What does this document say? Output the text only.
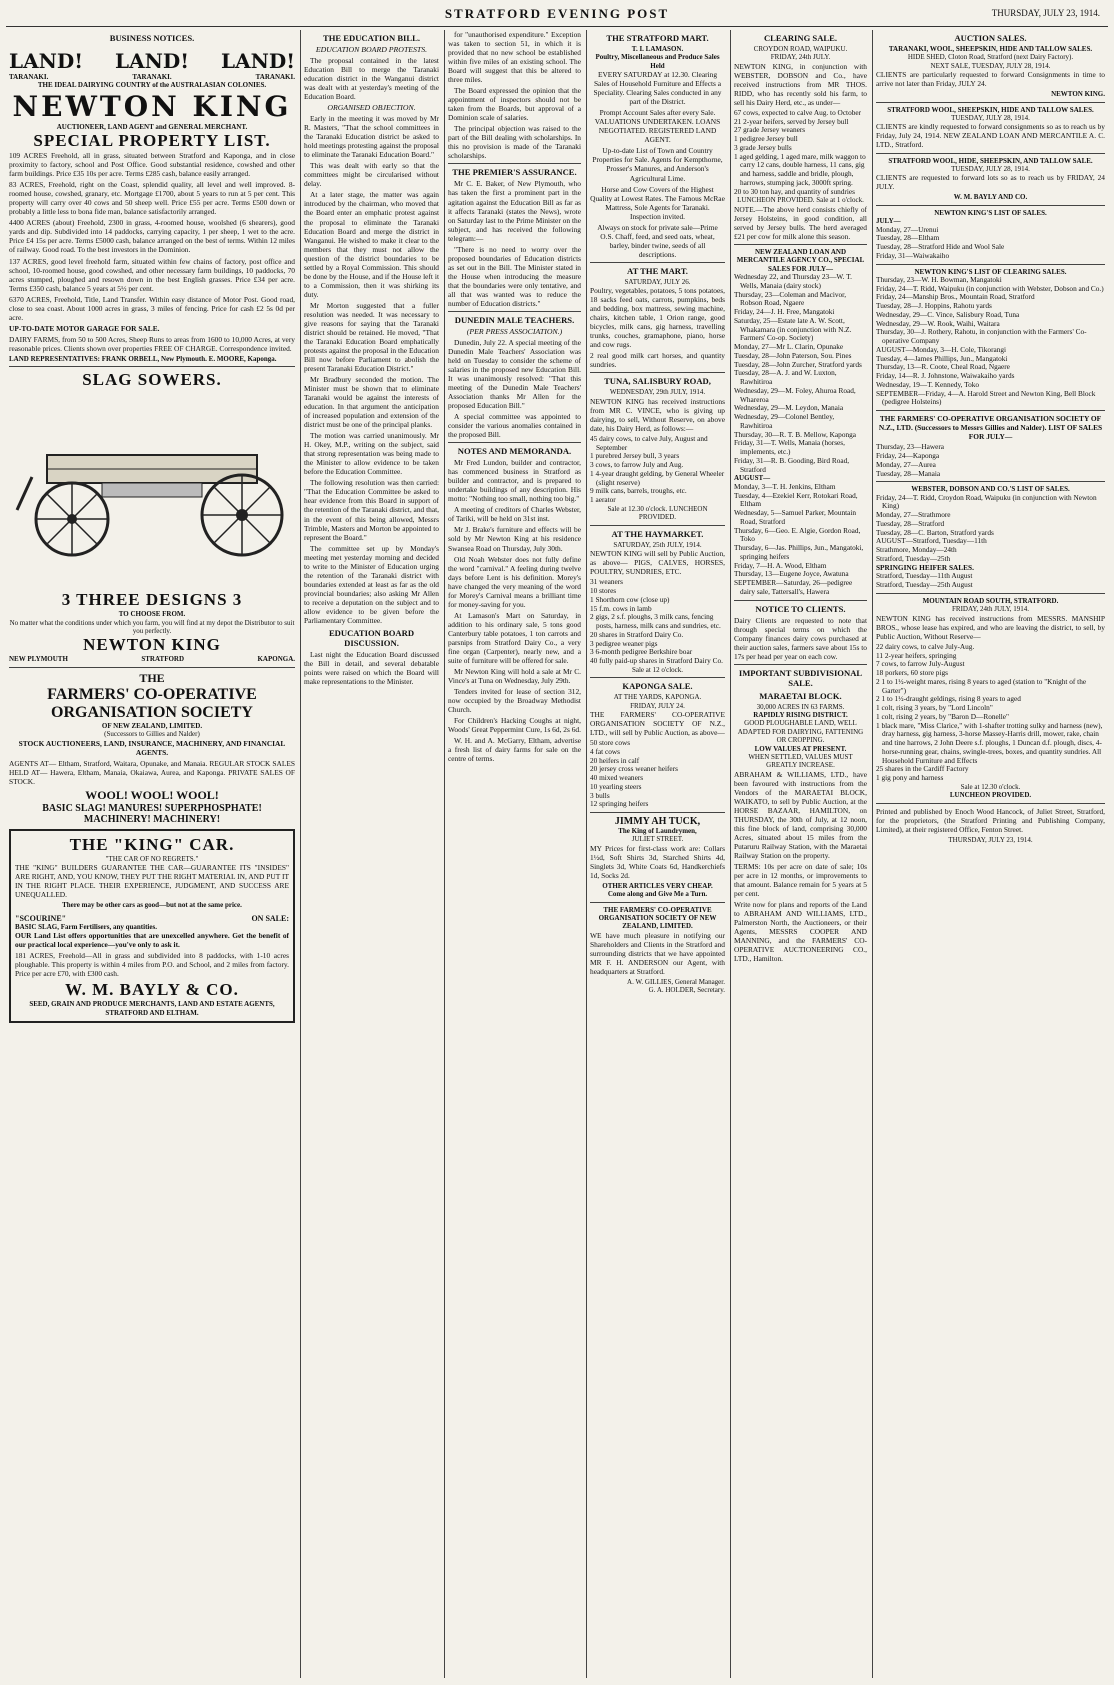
STRATFORD EVENING POST	THURSDAY, JULY 23, 1914.
BUSINESS NOTICES.
LAND! LAND! LAND!
TARANAKI.	TARANAKI.	TARANAKI.
THE IDEAL DAIRYING COUNTRY of the AUSTRALASIAN COLONIES.
NEWTON KING
AUCTIONEER, LAND AGENT and GENERAL MERCHANT.
SPECIAL PROPERTY LIST.

109 ACRES Freehold, all in grass, situated between Stratford and Kaponga, and in close proximity to factory, school and Post Office. Good substantial residence, cowshed and other farm buildings. Price £35 10s per acre. Terms £285 cash, balance easily arranged.

83 ACRES, Freehold, right on the Coast, splendid quality, all level and well improved. 8-roomed house, cowshed, granary, etc. Mortgage £1700, about 5 years to run at 5 per cent. This property will carry over 40 cows and 50 sheep well. Price £55 per acre. Terms £500 down or probably a little less to bona fide man, balance satisfactorily arranged.

4400 ACRES (about) Freehold, 2300 in grass, 4-roomed house, woolshed (6 shearers), good yards and dip. Subdivided into 14 paddocks, carrying capacity, 1 per sheep, 1 wet to the acre. Price £4 15s per acre. Terms £5000 cash, balance arranged on the best of terms. Within 12 miles of railway. Good road. To the best investors in the Dominion.

137 ACRES, good level freehold farm, situated within few chains of factory, post office and school, 10-roomed house, good cowshed, and other necessary farm buildings, 10 paddocks, 70 acres stumped, ploughed and resown down in the best English grasses. Price £34 per acre. Terms £350 cash, balance 5 years at 5½ per cent.

6370 ACRES, Freehold, Title, Land Transfer. Within easy distance of Motor Post. Good road, close to sea coast. About 1000 acres in grass, 3 miles of fencing. Price for cash £2 5s 0d per acre.

UP-TO-DATE MOTOR GARAGE FOR SALE.

DAIRY FARMS, from 50 to 500 Acres, Sheep Runs to areas from 1600 to 10,000 Acres, at very reasonable prices. Clients shown over properties FREE OF CHARGE. Correspondence invited.

LAND REPRESENTATIVES: FRANK ORBELL, New Plymouth. E. MOORE, Kaponga.
SLAG SOWERS.
3 THREE DESIGNS 3
TO CHOOSE FROM.
No matter what the conditions under which you farm, you will find at my depot the Distributor to suit you perfectly.
NEWTON KING
NEW PLYMOUTH	STRATFORD	KAPONGA.
THE
FARMERS' CO-OPERATIVE
ORGANISATION SOCIETY
OF NEW ZEALAND, LIMITED.
(Successors to Gillies and Nalder)

STOCK AUCTIONEERS, LAND, INSURANCE, MACHINERY, AND FINANCIAL AGENTS.

AGENTS AT— Eltham, Stratford, Waitara, Opunake, and Manaia. REGULAR STOCK SALES HELD AT— Hawera, Eltham, Manaia, Okaiawa, Aurea, and Kaponga. PRIVATE SALES OF STOCK.

WOOL! WOOL! WOOL!
BASIC SLAG! MANURES! SUPERPHOSPHATE!
MACHINERY! MACHINERY!
THE "KING" CAR.
"THE CAR OF NO REGRETS."

THE "KING" BUILDERS GUARANTEE THE CAR—GUARANTEE ITS "INSIDES" ARE RIGHT, AND, YOU KNOW, THEY PUT THE RIGHT MATERIAL IN, AND PUT IT IN THE RIGHT PLACE. THEIR EXPERIENCE, JUDGMENT, AND SUCCESS ARE UNEQUALLED.

There may be other cars as good—but not at the same price.
"SCOURINE"	ON SALE:
BASIC SLAG, Farm Fertilisers, any quantities.

OUR Land List offers opportunities that are unexcelled anywhere. Get the benefit of our practical local experience—you've only to ask it.

181 ACRES, Freehold—All in grass and subdivided into 8 paddocks, with 1-10 acres ploughable. This property is within 4 miles from P.O. and School, and 2 miles from factory. Price per acre £70, with £300 cash.

W. M. BAYLY & CO.
SEED, GRAIN AND PRODUCE MERCHANTS, LAND AND ESTATE AGENTS, STRATFORD AND ELTHAM.
THE EDUCATION BILL.
EDUCATION BOARD PROTESTS.

The proposal contained in the latest Education Bill to merge the Taranaki education district in the Wanganui district was dealt with at yesterday's meeting of the Education Board.

ORGANISED OBJECTION.

Early in the meeting it was moved by Mr R. Masters, "That the school committees in the Taranaki Education district be asked to hold meetings protesting against the proposal to eliminate the Taranaki Education Board."

This was dealt with early so that the committees might be circularised without delay.

At a later stage, the matter was again introduced by the chairman, who moved that the Board enter an emphatic protest against the proposal to eliminate the Taranaki Education Board and merge the district in Wanganui. He wished to make it clear to the members that they must not allow the question of the district boundaries to be settled by a Royal Commission. This should be done by the House, and if the House left it to a Commission, then it was shirking its duty.

Mr Morton suggested that a fuller resolution was needed. It was necessary to give reasons for saying that the Taranaki district should be retained. He moved, "That the Taranaki Education Board emphatically protests against the proposal in the Education Bill now before Parliament to abolish the present Taranaki Education District."

Mr Bradbury seconded the motion. The Minister must be shown that to eliminate Taranaki would be against the interests of education. In that argument the anticipation of increased population and extension of the district must be one of the principal planks.

The motion was carried unanimously. Mr H. Okey, M.P., writing on the subject, said that strong representation was being made to the Minister to allow evidence to be taken before the Education Committee.

The following resolution was then carried: "That the Education Committee be asked to hear evidence from this Board in support of the retention of the Taranaki district, and that, in the event of this being allowed, Messrs Trimble, Masters and Morton be appointed to represent the Board."

The committee set up by Monday's meeting met yesterday morning and decided to write to the Minister of Education urging the retention of the Taranaki district with boundaries extended at least as far as the old provincial boundaries; also asking Mr Allen to receive a deputation on the subject and to allow evidence to be given before the Parliamentary Committee.

EDUCATION BOARD DISCUSSION.

Last night the Education Board discussed the Bill in detail, and several debatable points were raised on which the Board will make representations to the Minister.

for "unauthorised expenditure." Exception was taken to section 51, in which it is provided that no new school be established within five miles of an existing school. The Board will suggest that this be altered to three miles.

The Board expressed the opinion that the appointment of inspectors should not be taken from the Boards, but approval of a Dominion scale of salaries.

The principal objection was raised to the part of the Bill dealing with scholarships. In this no provision is made of the Taranaki scholarships.

THE PREMIER'S ASSURANCE.

Mr C. E. Baker, of New Plymouth, who has taken the first a prominent part in the agitation against the Education Bill as far as it affects Taranaki (states the News), wrote on Saturday last to the Prime Minister on the subject, and has received the following telegram:—

"There is no need to worry over the proposed boundaries of Education districts as set out in the Bill. The Minister stated in the House when introducing the measure that the boundaries were only tentative, and all that was wanted was to reduce the number of Education districts."

DUNEDIN MALE TEACHERS.
(PER PRESS ASSOCIATION.)

Dunedin, July 22. A special meeting of the Dunedin Male Teachers' Association was held on Tuesday to consider the scheme of salaries in the proposed new Education Bill. It was unanimously resolved: "That this meeting of the Dunedin Male Teachers' Association thanks Mr Allen for the proposed Education Bill."

A special committee was appointed to consider the various anomalies contained in the proposed Bill.

NOTES AND MEMORANDA.

Mr Fred Lundon, builder and contractor, has commenced business in Stratford as builder and contractor, and is prepared to undertake buildings of any description. His motto: "Nothing too small, nothing too big."

A meeting of creditors of Charles Webster, of Tariki, will be held on 31st inst.

Mr J. Brake's furniture and effects will be sold by Mr Newton King at his residence Swansea Road on Thursday, July 30th.

Old Noah Webster does not fully define the word "carnival." A feeling during twelve days before Lent is his definition. Morey's have changed the very meaning of the word for Morey's Carnival means a brilliant time for money-saving for you.

At Lamason's Mart on Saturday, in addition to his ordinary sale, 5 tons good Canterbury table potatoes, 1 ton carrots and parsnips from Stratford Dairy Co., a very fine organ (Carpenter), nearly new, and a suite of furniture will be offered for sale.

Mr Newton King will hold a sale at Mr C. Vince's at Tuna on Wednesday, July 29th.

Tenders invited for lease of section 312, now occupied by the Broadway Methodist Church.

For Children's Hacking Coughs at night, Woods' Great Peppermint Cure, 1s 6d, 2s 6d.

W. H. and A. McGarry, Eltham, advertise a fresh list of dairy farms for sale on the centre of terms.

THE STRATFORD MART.
T. I. LAMASON.
Poultry, Miscellaneous and Produce Sales Held

EVERY SATURDAY at 12.30. Clearing Sales of Household Furniture and Effects a Speciality. Clearing Sales conducted in any part of the District.

Prompt Account Sales after every Sale. VALUATIONS UNDERTAKEN. LOANS NEGOTIATED. REGISTERED LAND AGENT.

Up-to-date List of Town and Country Properties for Sale. Agents for Kempthorne, Prosser's Manures, and Anderson's Agricultural Lime.

Horse and Cow Covers of the Highest Quality at Lowest Rates. The Famous McRae Mattress, Sole Agents for Taranaki. Inspection invited.

Always on stock for private sale—Prime O.S. Chaff, feed, and seed oats, wheat, barley, binder twine, seeds of all descriptions.

AT THE MART.
SATURDAY, JULY 26.

Poultry, vegetables, potatoes, 5 tons potatoes, 18 sacks feed oats, carrots, pumpkins, beds and bedding, box mattress, sewing machine, chairs, kitchen table, 1 Orion range, good bicycles, milk cans, gig harness, travelling trunks, couches, gramaphone, piano, horse and cow rugs.

2 real good milk cart horses, and quantity sundries.

TUNA, SALISBURY ROAD,
WEDNESDAY, 29th JULY, 1914.

NEWTON KING has received instructions from MR C. VINCE, who is giving up dairying, to sell, Without Reserve, on above date, his Dairy Herd, as follows:—

45 dairy cows, to calve July, August and September
1 purebred Jersey bull, 3 years
3 cows, to farrow July and Aug.
1 4-year draught gelding, by General Wheeler (slight reserve)
9 milk cans, barrels, troughs, etc.
1 aerator
Sale at 12.30 o'clock. LUNCHEON PROVIDED.
AT THE HAYMARKET.
SATURDAY, 25th JULY, 1914.

NEWTON KING will sell by Public Auction, as above— PIGS, CALVES, HORSES, POULTRY, SUNDRIES, ETC.

31 weaners
10 stores
1 Shorthorn cow (close up)
15 f.m. cows in lamb
2 gigs, 2 s.f. ploughs, 3 milk cans, fencing posts, harness, milk cans and sundries, etc.
20 shares in Stratford Dairy Co.
3 pedigree weaner pigs
3 6-month pedigree Berkshire boar
40 fully paid-up shares in Stratford Dairy Co.
Sale at 12 o'clock.
KAPONGA SALE.
AT THE YARDS, KAPONGA.
FRIDAY, JULY 24.

THE FARMERS' CO-OPERATIVE ORGANISATION SOCIETY OF N.Z., LTD., will sell by Public Auction, as above—

50 store cows
4 fat cows
20 heifers in calf
20 jersey cross weaner heifers
40 mixed weaners
10 yearling steers
3 bulls
12 springing heifers
JIMMY AH TUCK,
The King of Laundrymen,
JULIET STREET.

MY Prices for first-class work are: Collars 1½d, Soft Shirts 3d, Starched Shirts 4d, Singlets 3d, White Coats 6d, Handkerchiefs 1d, Socks 2d.

OTHER ARTICLES VERY CHEAP.
Come along and Give Me a Turn.
THE FARMERS' CO-OPERATIVE ORGANISATION SOCIETY OF NEW ZEALAND, LIMITED.

WE have much pleasure in notifying our Shareholders and Clients in the Stratford and surrounding districts that we have appointed MR F. H. ANDERSON our Agent, with headquarters at Stratford.

A. W. GILLIES, General Manager.
G. A. HOLDER, Secretary.
CLEARING SALE.
CROYDON ROAD, WAIPUKU.
FRIDAY, 24th JULY.

NEWTON KING, in conjunction with WEBSTER, DOBSON and Co., have received instructions from MR THOS. RIDD, who has recently sold his farm, to sell his Dairy Herd, etc., as under—

67 cows, expected to calve Aug. to October
21 2-year heifers, served by Jersey bull
27 grade Jersey weaners
1 pedigree Jersey bull
3 grade Jersey bulls
1 aged gelding, 1 aged mare, milk waggon to carry 12 cans, double harness, 11 cans, gig and harness, saddle and bridle, plough, harrows, stumping jack, 3000ft spring.
20 to 30 ton hay, and quantity of sundries
LUNCHEON PROVIDED. Sale at 1 o'clock.

NOTE.—The above herd consists chiefly of Jersey Holsteins, in good condition, all served by Jersey bulls. The herd averaged £21 per cow for milk alone this season.

NEW ZEALAND LOAN AND MERCANTILE AGENCY CO., SPECIAL SALES FOR JULY—
Wednesday 22, and Thursday 23—W. T. Wells, Manaia (dairy stock)
Thursday, 23—Coleman and Macivor, Robson Road, Ngaere
Friday, 24—J. H. Free, Mangatoki
Saturday, 25—Estate late A. W. Scott, Whakamara (in conjunction with N.Z. Farmers' Co-op. Society)
Monday, 27—Mr L. Clarin, Opunake
Tuesday, 28—John Paterson, Sou. Pines
Tuesday, 28—John Zurcher, Stratford yards
Tuesday, 28—A. J. and W. Luxton, Rawhitiroa
Wednesday, 29—M. Foley, Ahuroa Road, Whareroa
Wednesday, 29—M. Leydon, Manaia
Wednesday, 29—Colonel Bentley, Rawhitiroa
Thursday, 30—R. T. B. Mellow, Kaponga
Friday, 31—T. Wells, Manaia (horses, implements, etc.)
Friday, 31—R. B. Gooding, Bird Road, Stratford
AUGUST—
Monday, 3—T. H. Jenkins, Eltham
Tuesday, 4—Ezekiel Kerr, Rotokari Road, Eltham
Wednesday, 5—Samuel Parker, Mountain Road, Stratford
Thursday, 6—Geo. E. Algie, Gordon Road, Toko
Thursday, 6—Jas. Phillips, Jun., Mangatoki, springing heifers
Friday, 7—H. A. Wood, Eltham
Thursday, 13—Eugene Joyce, Awatuna
SEPTEMBER—Saturday, 26—pedigree dairy sale, Tattersall's, Hawera
NOTICE TO CLIENTS.

Dairy Clients are requested to note that through special terms on which the Company finances dairy cows purchased at their auction sales, farmers save about 15s to 17s per head per year on each cow.

IMPORTANT SUBDIVISIONAL SALE.
MARAETAI BLOCK.
30,000 ACRES IN 63 FARMS.
RAPIDLY RISING DISTRICT.
GOOD PLOUGHABLE LAND, WELL ADAPTED FOR DAIRYING, FATTENING OR CROPPING.
LOW VALUES AT PRESENT.
WHEN SETTLED, VALUES MUST GREATLY INCREASE.

ABRAHAM & WILLIAMS, LTD., have been favoured with instructions from the Vendors of the MARAETAI BLOCK, WAIKATO, to sell by Public Auction, at the HORSE BAZAAR, HAMILTON, on THURSDAY, the 30th of July, at 12 noon, this fine block of land, comprising 30,000 Acres, situated about 15 miles from the Putaruru Railway Station, with the Maraetai Railway Station on the property.

TERMS: 10s per acre on date of sale; 10s per acre in 12 months, or improvements to that amount. Balance remain for 5 years at 5 per cent.

Write now for plans and reports of the Land to ABRAHAM AND WILLIAMS, LTD., Palmerston North, the Auctioneers, or their Agents, MESSRS COOPER AND MANNING, and the FARMERS' CO-OPERATIVE AUCTIONEERING CO., LTD., Hamilton.

AUCTION SALES.
TARANAKI, WOOL, SHEEPSKIN, HIDE AND TALLOW SALES.
HIDE SHED, Cloton Road, Stratford (next Dairy Factory).
NEXT SALE, TUESDAY, JULY 28, 1914.

CLIENTS are particularly requested to forward Consignments in time to arrive not later than Friday, JULY 24.

NEWTON KING.
STRATFORD WOOL, SHEEPSKIN, HIDE AND TALLOW SALES.
TUESDAY, JULY 28, 1914.

CLIENTS are kindly requested to forward consignments so as to reach us by Friday, July 24, 1914. NEW ZEALAND LOAN AND MERCANTILE A. C. LTD., Stratford.

STRATFORD WOOL, HIDE, SHEEPSKIN, AND TALLOW SALE.
TUESDAY, JULY 28, 1914.

CLIENTS are requested to forward lots so as to reach us by FRIDAY, 24 JULY.

W. M. BAYLY AND CO.
NEWTON KING'S LIST OF SALES.
JULY—
Monday, 27—Urenui
Tuesday, 28—Eltham
Tuesday, 28—Stratford Hide and Wool Sale
Friday, 31—Waiwakaiho
NEWTON KING'S LIST OF CLEARING SALES.
Thursday, 23—W. H. Bowman, Mangatoki
Friday, 24—T. Ridd, Waipuku (in conjunction with Webster, Dobson and Co.)
Friday, 24—Manship Bros., Mountain Road, Stratford
Tuesday, 28—J. Hoppins, Rahotu yards
Wednesday, 29—C. Vince, Salisbury Road, Tuna
Wednesday, 29—W. Rook, Waihi, Waitara
Thursday, 30—J. Rothery, Rahotu, in conjunction with the Farmers' Co-operative Company
AUGUST—Monday, 3—H. Cole, Tikorangi
Tuesday, 4—James Phillips, Jun., Mangatoki
Thursday, 13—R. Coote, Cheal Road, Ngaere
Friday, 14—R. J. Johnstone, Waiwakaiho yards
Wednesday, 19—T. Kennedy, Toko
SEPTEMBER—Friday, 4—A. Harold Street and Newton King, Bell Block (pedigree Holsteins)

THE FARMERS' CO-OPERATIVE ORGANISATION SOCIETY OF N.Z., LTD. (Successors to Messrs Gillies and Nalder). LIST OF SALES FOR JULY—

Thursday, 23—Hawera
Friday, 24—Kaponga
Monday, 27—Aurea
Tuesday, 28—Manaia
WEBSTER, DOBSON AND CO.'S LIST OF SALES.
Friday, 24—T. Ridd, Croydon Road, Waipuku (in conjunction with Newton King)
Monday, 27—Strathmore
Tuesday, 28—Stratford
Tuesday, 28—C. Barton, Stratford yards
AUGUST—Stratford, Tuesday—11th
Strathmore, Monday—24th
Stratford, Tuesday—25th
SPRINGING HEIFER SALES.
Stratford, Tuesday—11th August
Stratford, Tuesday—25th August
MOUNTAIN ROAD SOUTH, STRATFORD.
FRIDAY, 24th JULY, 1914.

NEWTON KING has received instructions from MESSRS. MANSHIP BROS., whose lease has expired, and who are leaving the district, to sell, by Public Auction, Without Reserve—

22 dairy cows, to calve July-Aug.
11 2-year heifers, springing
7 cows, to farrow July-August
18 porkers, 60 store pigs
2 1 to 1½-weight mares, rising 8 years to aged (station to "Knight of the Garter")
2 1 to 1½-draught geldings, rising 8 years to aged
1 colt, rising 3 years, by "Lord Lincoln"
1 colt, rising 2 years, by "Baron D—Ronelle"
1 black mare, "Miss Clarice," with 1-shafter trotting sulky and harness (new), dray harness, gig harness, 3-horse Massey-Harris drill, mower, rake, chain and tine harrows, 2 John Deere s.f. ploughs, 1 Duncan d.f. plough, discs, 4-horse-running gear, chains, swingle-trees, boxes, and quantity sundries. All Household Furniture and Effects
25 shares in the Cardiff Factory
1 gig pony and harness
Sale at 12.30 o'clock.
LUNCHEON PROVIDED.

Printed and published by Enoch Wood Hancock, of Juliet Street, Stratford, for the proprietors, (the Stratford Printing and Publishing Company, Limited), at their registered Office, Fenton Street.

THURSDAY, JULY 23, 1914.
